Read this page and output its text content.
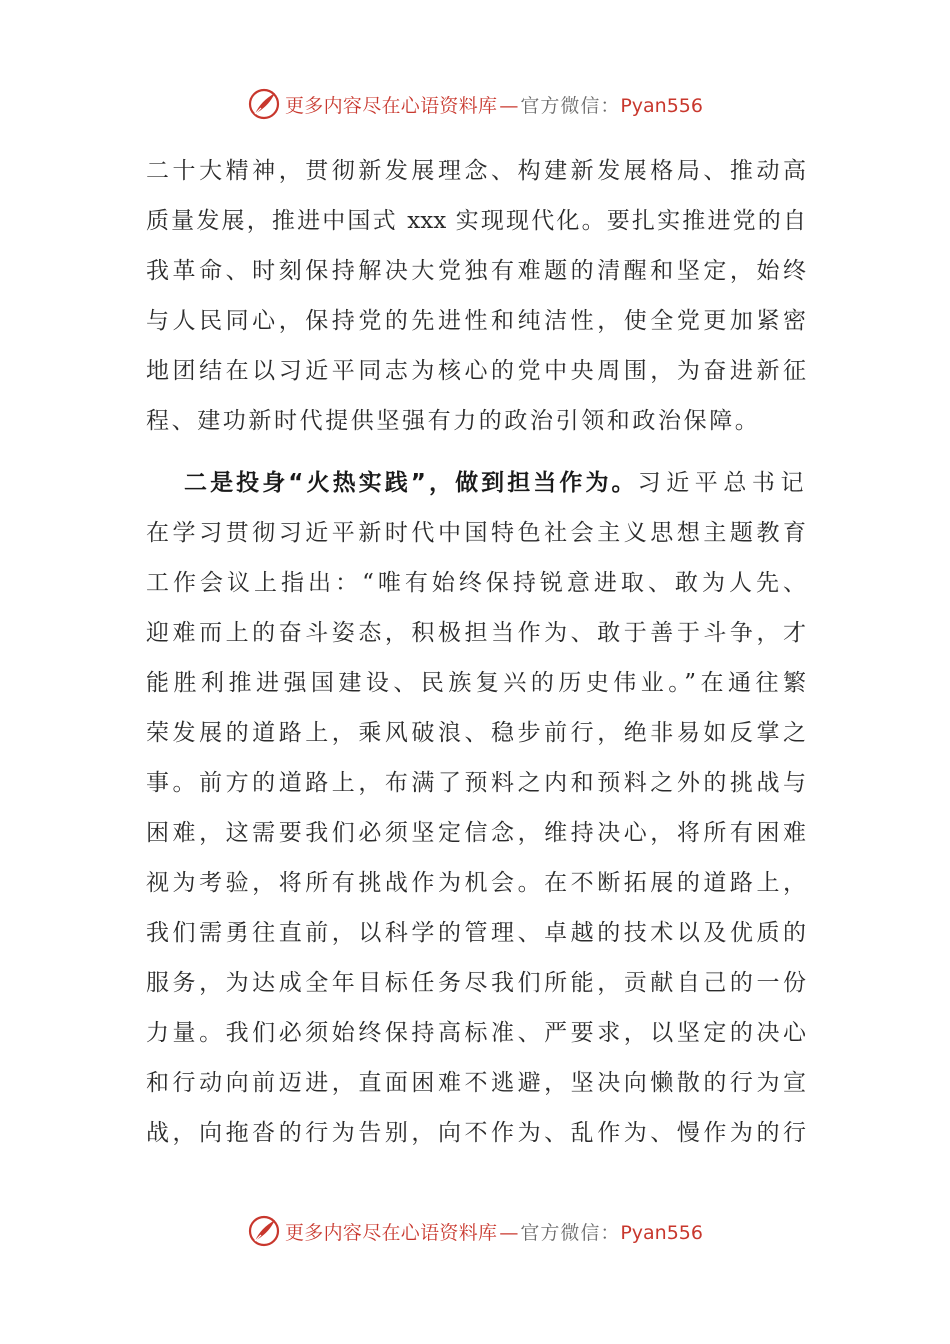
更多内容尽在心语资料库 — 官方微信：Pyan556
二十大精神，贯彻新发展理念、构建新发展格局、推动高
质量发展，推进中国式 xxx 实现现代化。要扎实推进党的自
我革命、时刻保持解决大党独有难题的清醒和坚定，始终
与人民同心，保持党的先进性和纯洁性，使全党更加紧密
地团结在以习近平同志为核心的党中央周围，为奋进新征
程、建功新时代提供坚强有力的政治引领和政治保障。
二是投身“火热实践”，做到担当作为。习近平总书记
在学习贯彻习近平新时代中国特色社会主义思想主题教育
工作会议上指出：“唯有始终保持锐意进取、敢为人先、
迎难而上的奋斗姿态，积极担当作为、敢于善于斗争，才
能胜利推进强国建设、民族复兴的历史伟业。”在通往繁
荣发展的道路上，乘风破浪、稳步前行，绝非易如反掌之
事。前方的道路上，布满了预料之内和预料之外的挑战与
困难，这需要我们必须坚定信念，维持决心，将所有困难
视为考验，将所有挑战作为机会。在不断拓展的道路上，
我们需勇往直前，以科学的管理、卓越的技术以及优质的
服务，为达成全年目标任务尽我们所能，贡献自己的一份
力量。我们必须始终保持高标准、严要求，以坚定的决心
和行动向前迈进，直面困难不逃避，坚决向懒散的行为宣
战，向拖沓的行为告别，向不作为、乱作为、慢作为的行
更多内容尽在心语资料库 — 官方微信：Pyan556
